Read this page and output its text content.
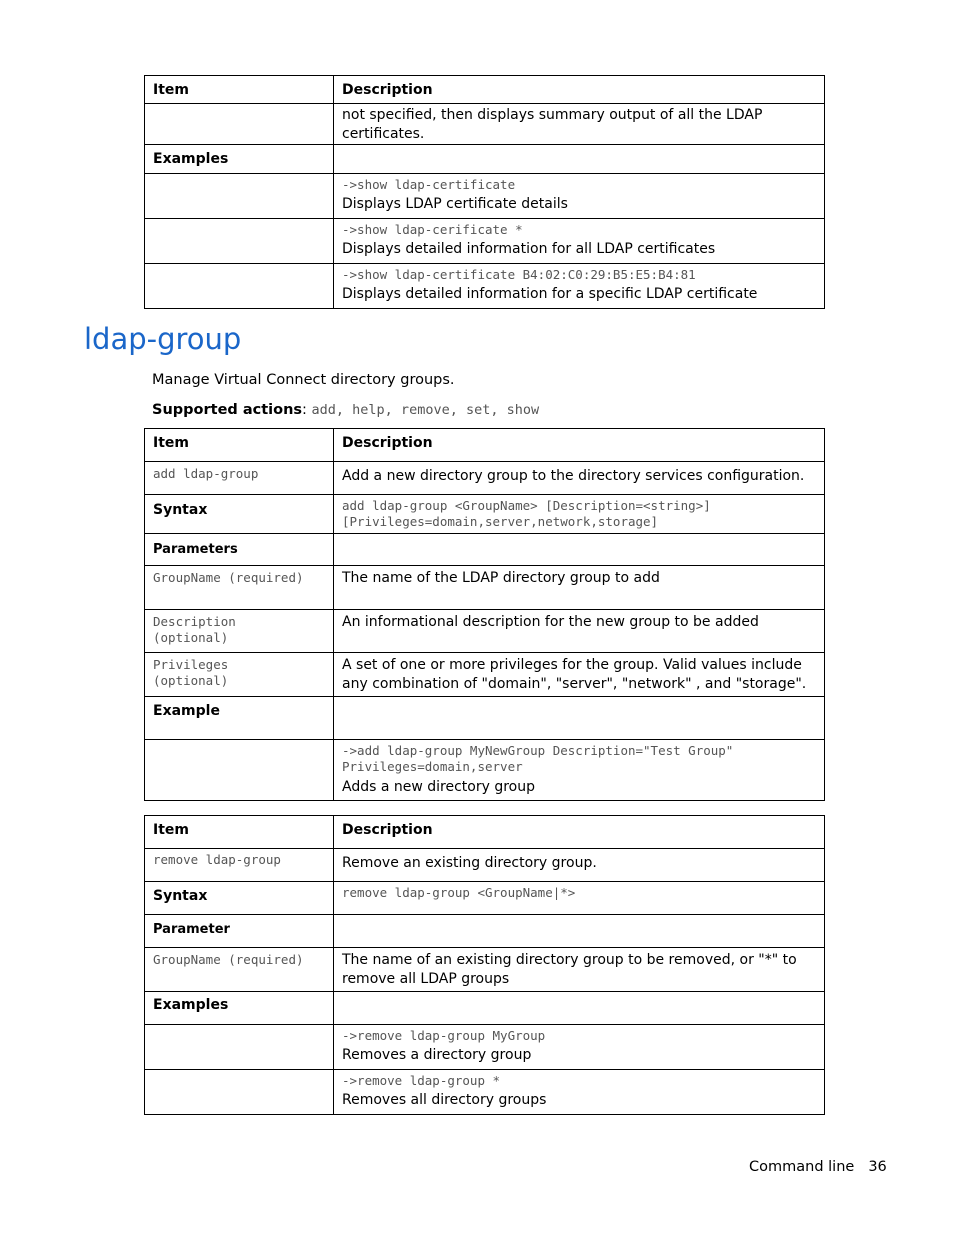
Item	Description
	not specified, then displays summary output of all the LDAP certificates.
Examples	

	->show ldap-certificate
Displays LDAP certificate details

	->show ldap-cerificate *
Displays detailed information for all LDAP certificates

	->show ldap-certificate B4:02:C0:29:B5:E5:B4:81
Displays detailed information for a specific LDAP certificate
ldap-group
Manage Virtual Connect directory groups.
Supported actions: add, help, remove, set, show
Item	Description
add ldap-group	Add a new directory group to the directory services configuration.
Syntax	add ldap-group <GroupName> [Description=<string>]
[Privileges=domain,server,network,storage]

Parameters	
GroupName (required)	The name of the LDAP directory group to add

Description
(optional)	An informational description for the new group to be added

Privileges
(optional)	A set of one or more privileges for the group. Valid values include any combination of "domain", "server", "network" , and "storage".
Example	

	->add ldap-group MyNewGroup Description="Test Group"
Privileges=domain,server
Adds a new directory group
Item	Description
remove ldap-group	Remove an existing directory group.
Syntax	remove ldap-group <GroupName|*>
Parameter	
GroupName (required)	The name of an existing directory group to be removed, or "*" to remove all LDAP groups
Examples	

	->remove ldap-group MyGroup
Removes a directory group

	->remove ldap-group *
Removes all directory groups
Command line 36
